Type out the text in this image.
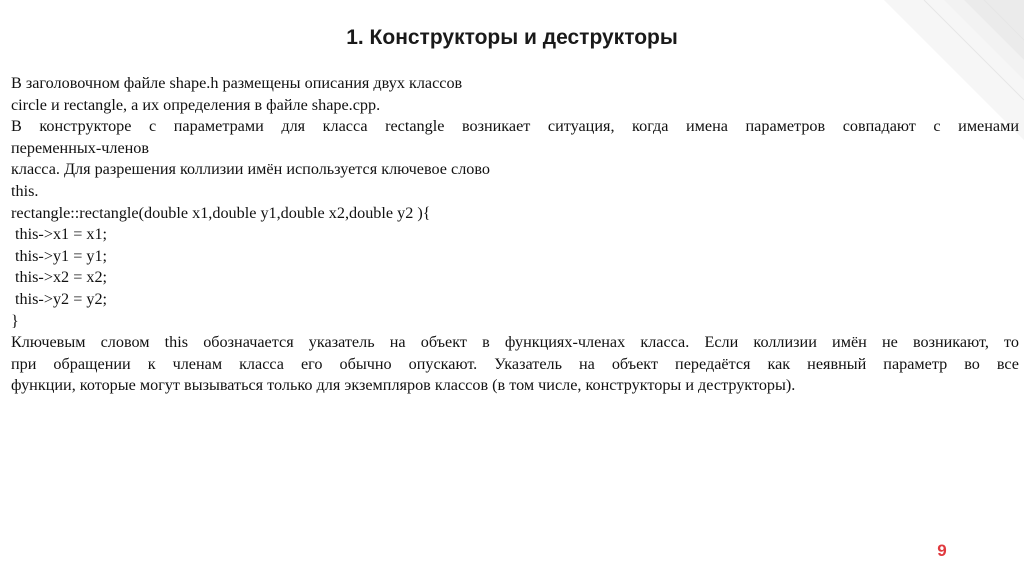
1. Конструкторы и деструкторы
В заголовочном файле shape.h размещены описания двух классов
circle и rectangle, а их определения в файле shape.cpp.
В конструкторе с параметрами для класса rectangle возникает ситуация, когда имена параметров совпадают с именами
переменных-членов
класса. Для разрешения коллизии имён используется ключевое слово
this.
rectangle::rectangle(double x1,double y1,double x2,double y2 ){
this->x1 = x1;
this->y1 = y1;
this->x2 = x2;
this->y2 = y2;
}
Ключевым словом this обозначается указатель на объект в функциях-членах класса. Если коллизии имён не возникают, то
при обращении к членам класса его обычно опускают. Указатель на объект передаётся как неявный параметр во все
функции, которые могут вызываться только для экземпляров классов (в том числе, конструкторы и деструкторы).
9
